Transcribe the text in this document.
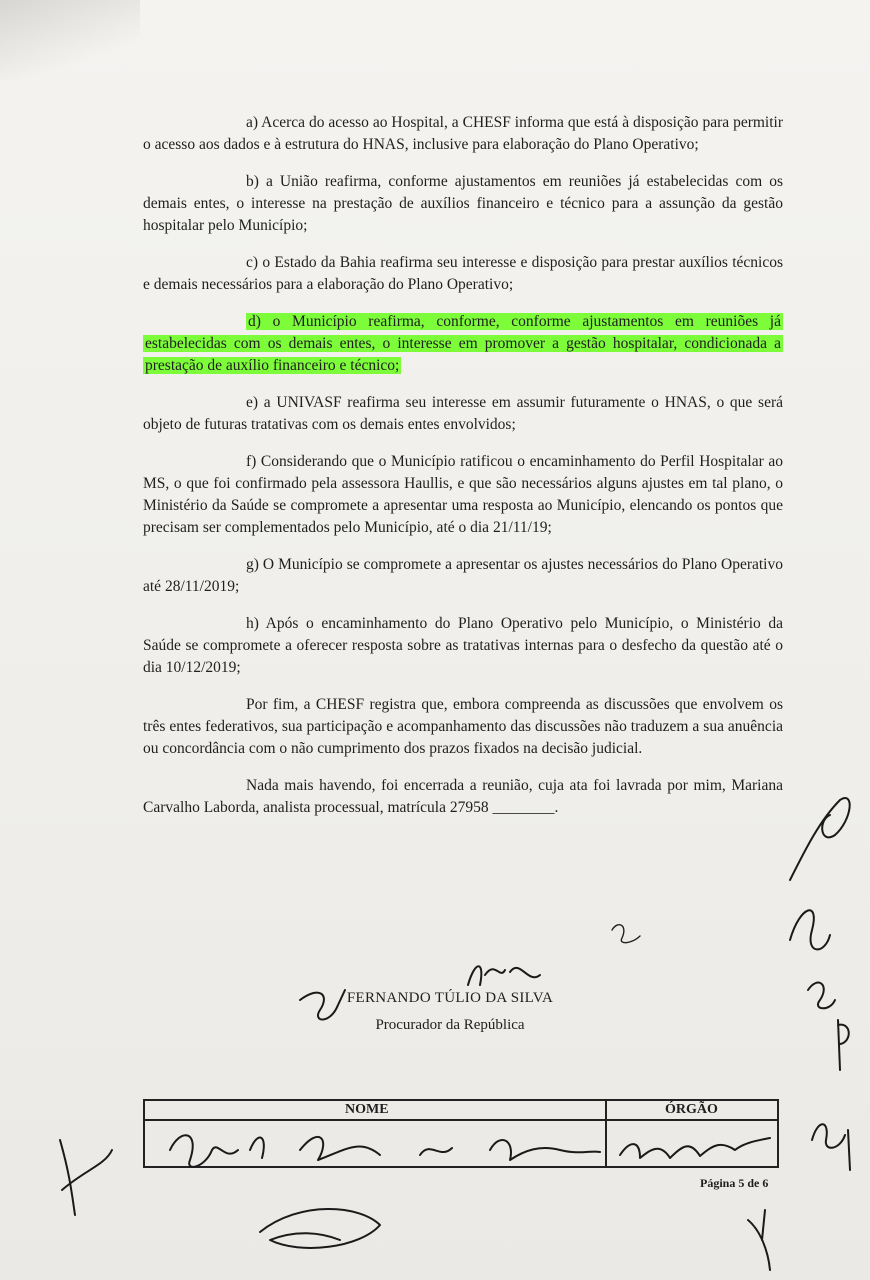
a) Acerca do acesso ao Hospital, a CHESF informa que está à disposição para permitir o acesso aos dados e à estrutura do HNAS, inclusive para elaboração do Plano Operativo;

b) a União reafirma, conforme ajustamentos em reuniões já estabelecidas com os demais entes, o interesse na prestação de auxílios financeiro e técnico para a assunção da gestão hospitalar pelo Município;

c) o Estado da Bahia reafirma seu interesse e disposição para prestar auxílios técnicos e demais necessários para a elaboração do Plano Operativo;

d) o Município reafirma, conforme, conforme ajustamentos em reuniões já estabelecidas com os demais entes, o interesse em promover a gestão hospitalar, condicionada a prestação de auxílio financeiro e técnico;

e) a UNIVASF reafirma seu interesse em assumir futuramente o HNAS, o que será objeto de futuras tratativas com os demais entes envolvidos;

f) Considerando que o Município ratificou o encaminhamento do Perfil Hospitalar ao MS, o que foi confirmado pela assessora Haullis, e que são necessários alguns ajustes em tal plano, o Ministério da Saúde se compromete a apresentar uma resposta ao Município, elencando os pontos que precisam ser complementados pelo Município, até o dia 21/11/19;

g) O Município se compromete a apresentar os ajustes necessários do Plano Operativo até 28/11/2019;

h) Após o encaminhamento do Plano Operativo pelo Município, o Ministério da Saúde se compromete a oferecer resposta sobre as tratativas internas para o desfecho da questão até o dia 10/12/2019;

Por fim, a CHESF registra que, embora compreenda as discussões que envolvem os três entes federativos, sua participação e acompanhamento das discussões não traduzem a sua anuência ou concordância com o não cumprimento dos prazos fixados na decisão judicial.

Nada mais havendo, foi encerrada a reunião, cuja ata foi lavrada por mim, Mariana Carvalho Laborda, analista processual, matrícula 27958 ________.

FERNANDO TÚLIO DA SILVA
Procurador da República
NOME	ÓRGÃO
Página 5 de 6
